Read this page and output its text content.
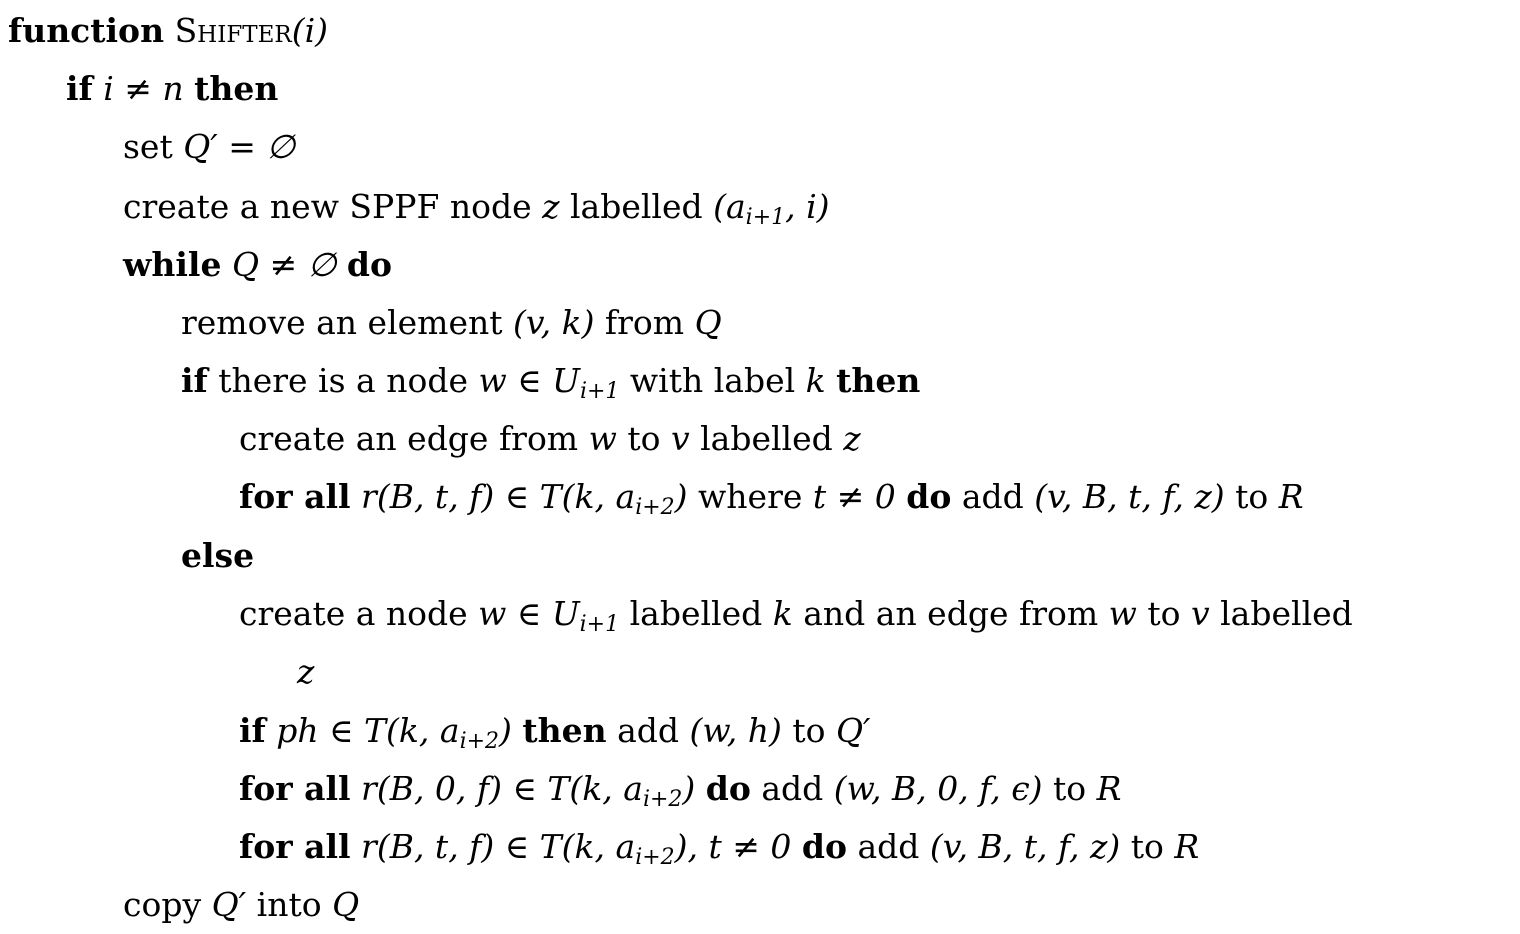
function Shifter(i)
if i ≠ n then
set Q′ = ∅
create a new SPPF node z labelled ($a_{i+1}$, i)
while Q ≠ ∅ do
remove an element (v, k) from Q
if there is a node w ∈ $U_{i+1}$ with label k then
create an edge from w to v labelled z
for all r(B, t, f) ∈ T(k, $a_{i+2}$) where t ≠ 0 do add (v, B, t, f, z) to R
else
create a node w ∈ $U_{i+1}$ labelled k and an edge from w to v labelled
z
if ph ∈ T(k, $a_{i+2}$) then add (w, h) to Q′
for all r(B, 0, f) ∈ T(k, $a_{i+2}$) do add (w, B, 0, f, ϵ) to R
for all r(B, t, f) ∈ T(k, $a_{i+2}$), t ≠ 0 do add (v, B, t, f, z) to R
copy Q′ into Q
